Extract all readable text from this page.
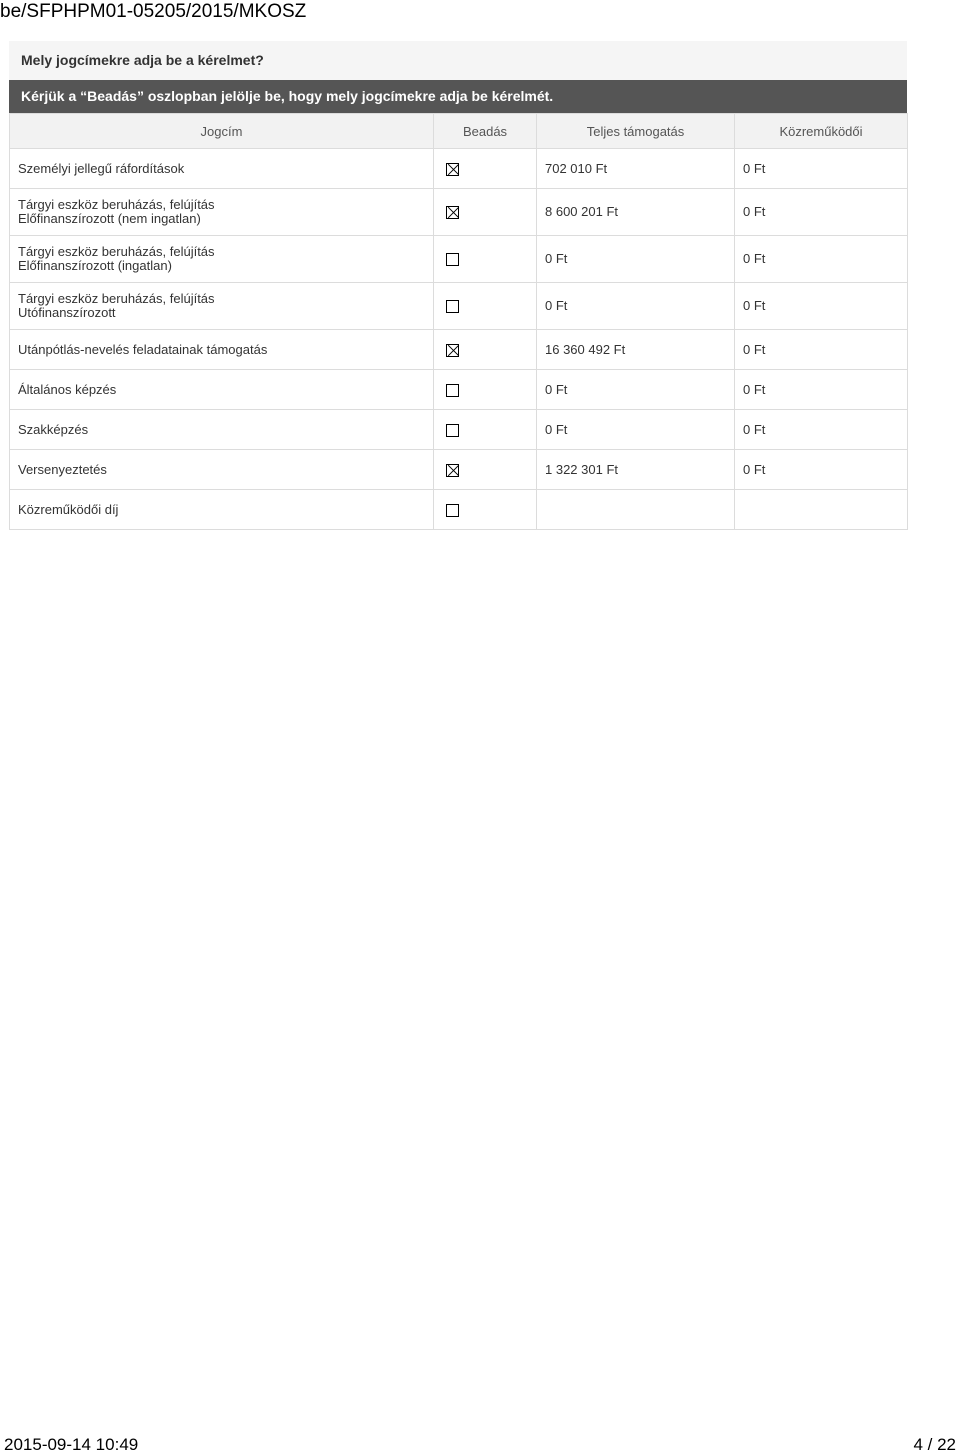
be/SFPHPM01-05205/2015/MKOSZ
Mely jogcímekre adja be a kérelmet?
Kérjük a “Beadás” oszlopban jelölje be, hogy mely jogcímekre adja be kérelmét.
Jogcím	Beadás	Teljes támogatás	Közreműködői

Személyi jellegű ráfordítások		702 010 Ft	0 Ft

Tárgyi eszköz beruházás, felújítás
Előfinanszírozott (nem ingatlan)		8 600 201 Ft	0 Ft

Tárgyi eszköz beruházás, felújítás
Előfinanszírozott (ingatlan)		0 Ft	0 Ft

Tárgyi eszköz beruházás, felújítás
Utófinanszírozott		0 Ft	0 Ft

Utánpótlás-nevelés feladatainak támogatás		16 360 492 Ft	0 Ft

Általános képzés		0 Ft	0 Ft

Szakképzés		0 Ft	0 Ft

Versenyeztetés		1 322 301 Ft	0 Ft

Közreműködői díj			

2015-09-14 10:49	4 / 22
